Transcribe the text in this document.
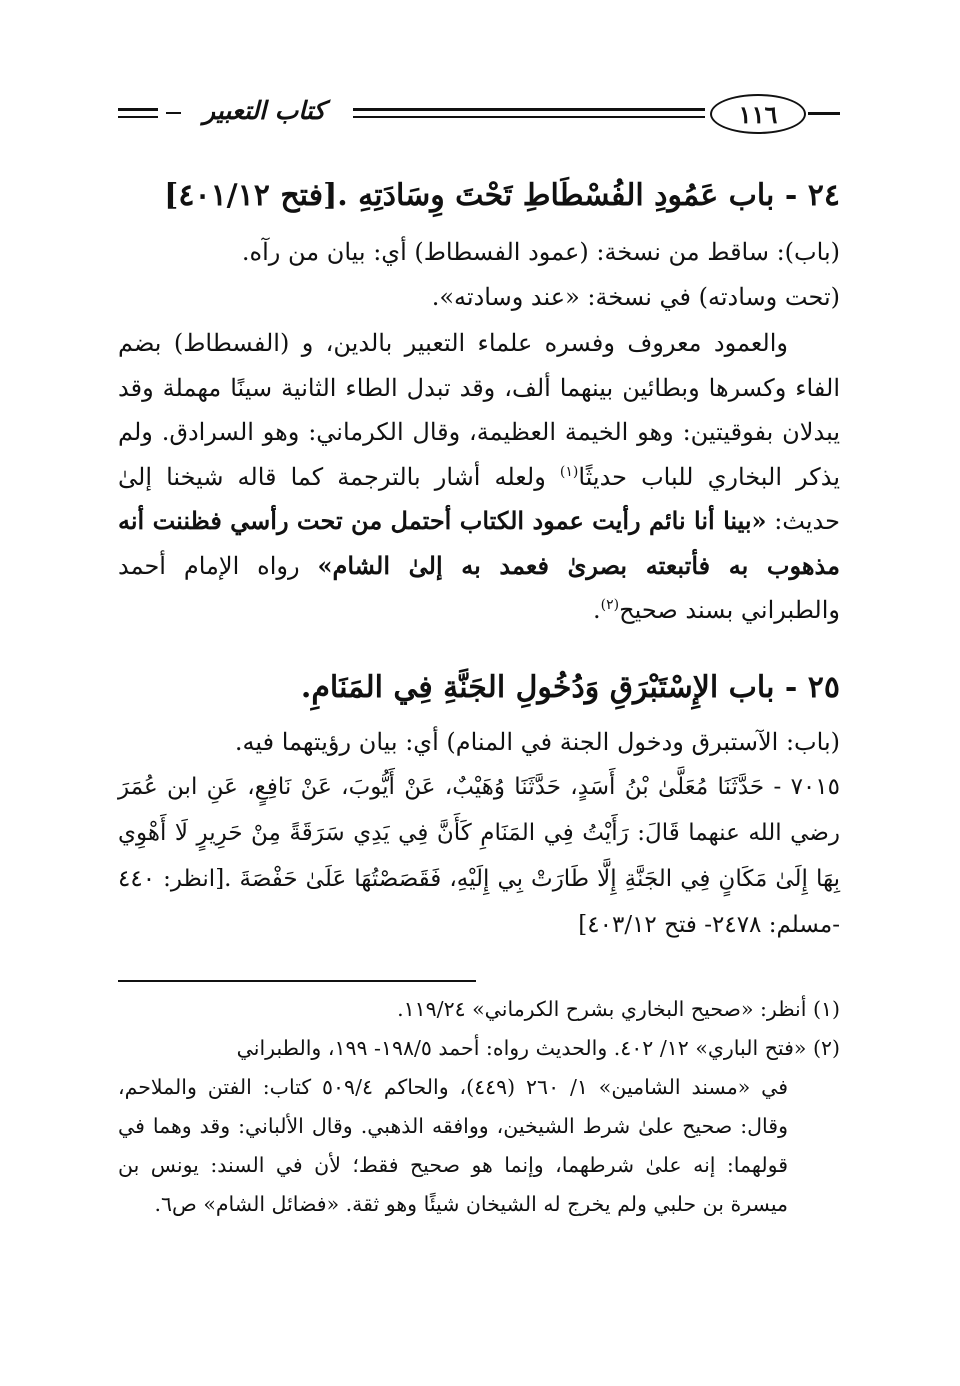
كتاب التعبير	١١٦
٢٤ - باب عَمُودِ الفُسْطَاطِ تَحْتَ وِسَادَتِهِ .[فتح ٤٠١/١٢]
(باب): ساقط من نسخة: (عمود الفسطاط) أي: بيان من رآه.
(تحت وسادته) في نسخة: «عند وسادته».
والعمود معروف وفسره علماء التعبير بالدين، و (الفسطاط) بضم الفاء وكسرها وبطائين بينهما ألف، وقد تبدل الطاء الثانية سينًا مهملة وقد يبدلان بفوقيتين: وهو الخيمة العظيمة، وقال الكرماني: وهو السرادق. ولم يذكر البخاري للباب حديثًا$^{(١)}$ ولعله أشار بالترجمة كما قاله شيخنا إلىٰ حديث: «بينا أنا نائم رأيت عمود الكتاب أحتمل من تحت رأسي فظننت أنه مذهوب به فأتبعته بصرىٰ فعمد به إلىٰ الشام» رواه الإمام أحمد والطبراني بسند صحيح$^{(٢)}$.
٢٥ - باب الإِسْتَبْرَقِ وَدُخُولِ الجَنَّةِ فِي المَنَامِ.
(باب: الآستبرق ودخول الجنة في المنام) أي: بيان رؤيتهما فيه.
٧٠١٥ - حَدَّثَنَا مُعَلَّىٰ بْنُ أَسَدٍ، حَدَّثَنَا وُهَيْبٌ، عَنْ أَيُّوبَ، عَنْ نَافِعٍ، عَنِ ابن عُمَرَ رضي الله عنهما قَالَ: رَأَيْتُ فِي المَنَامِ كَأَنَّ فِي يَدِي سَرَقَةً مِنْ حَرِيرٍ لَا أَهْوِي بِهَا إِلَىٰ مَكَانٍ فِي الجَنَّةِ إِلَّا طَارَتْ بِي إِلَيْهِ، فَقَصَصْتُهَا عَلَىٰ حَفْصَةَ .[انظر: ٤٤٠ -مسلم: ٢٤٧٨- فتح ٤٠٣/١٢]
(١) أنظر: «صحيح البخاري بشرح الكرماني» ١١٩/٢٤.
(٢) «فتح الباري» ١٢/ ٤٠٢. والحديث رواه: أحمد ١٩٨/٥- ١٩٩، والطبراني
في «مسند الشامين» ١/ ٢٦٠ (٤٤٩)، والحاكم ٥٠٩/٤ كتاب: الفتن والملاحم، وقال: صحيح علىٰ شرط الشيخين، ووافقه الذهبي. وقال الألباني: وقد وهما في قولهما: إنه علىٰ شرطهما، وإنما هو صحيح فقط؛ لأن في السند: يونس بن ميسرة بن حلبي ولم يخرج له الشيخان شيئًا وهو ثقة. «فضائل الشام» ص٦.
